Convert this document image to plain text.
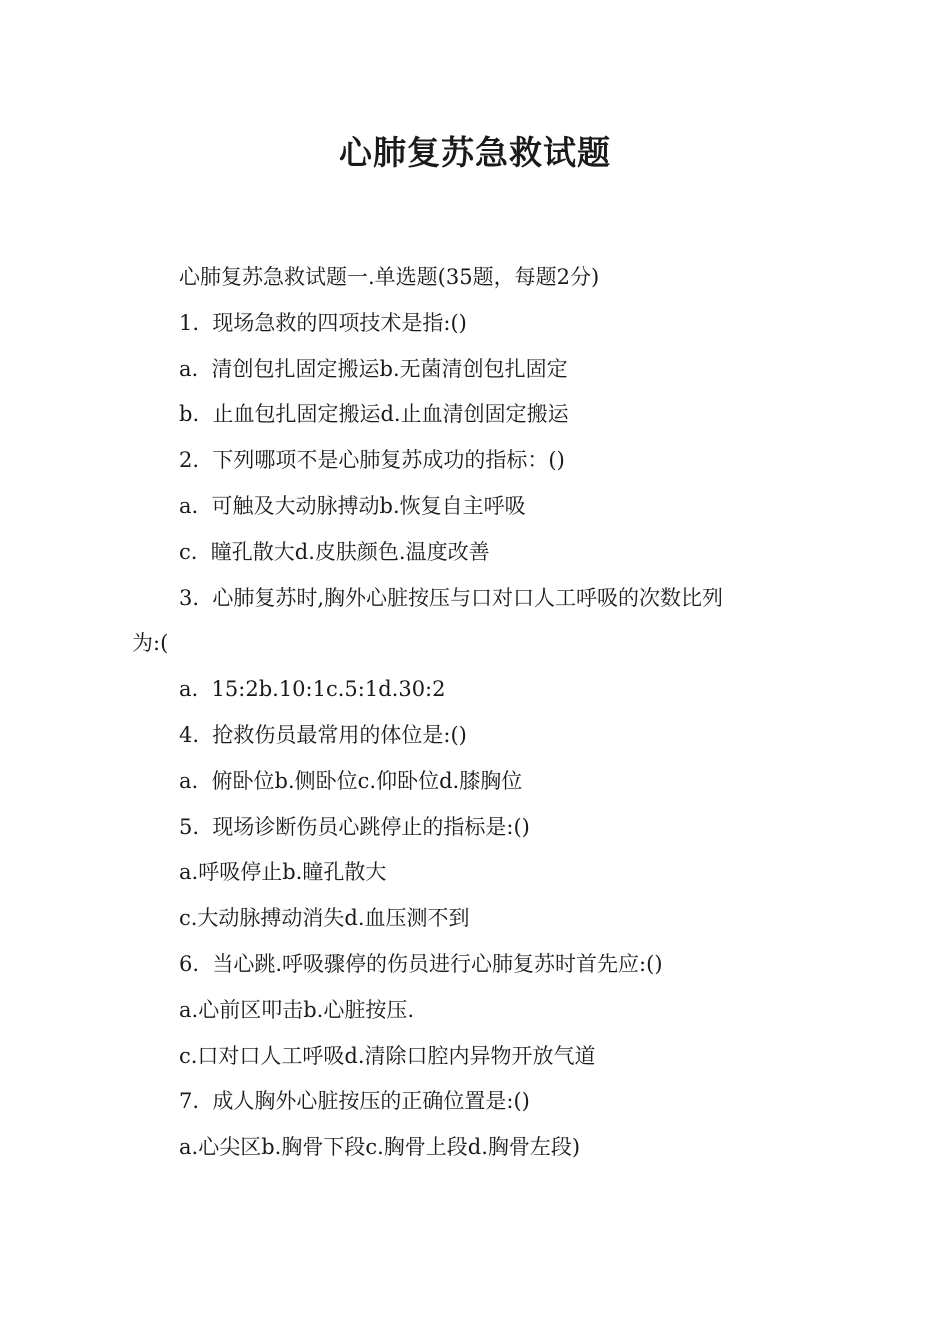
心肺复苏急救试题
心肺复苏急救试题一.单选题(35题，每题2分)
1.  现场急救的四项技术是指:()
a.  清创包扎固定搬运b.无菌清创包扎固定
b.  止血包扎固定搬运d.止血清创固定搬运
2.  下列哪项不是心肺复苏成功的指标：()
a.  可触及大动脉搏动b.恢复自主呼吸
c.  瞳孔散大d.皮肤颜色.温度改善
3.  心肺复苏时,胸外心脏按压与口对口人工呼吸的次数比列
为:(
a.  15:2b.10:1c.5:1d.30:2
4.  抢救伤员最常用的体位是:()
a.  俯卧位b.侧卧位c.仰卧位d.膝胸位
5.  现场诊断伤员心跳停止的指标是:()
a.呼吸停止b.瞳孔散大
c.大动脉搏动消失d.血压测不到
6.  当心跳.呼吸骤停的伤员进行心肺复苏时首先应:()
a.心前区叩击b.心脏按压.
c.口对口人工呼吸d.清除口腔内异物开放气道
7.  成人胸外心脏按压的正确位置是:()
a.心尖区b.胸骨下段c.胸骨上段d.胸骨左段)
